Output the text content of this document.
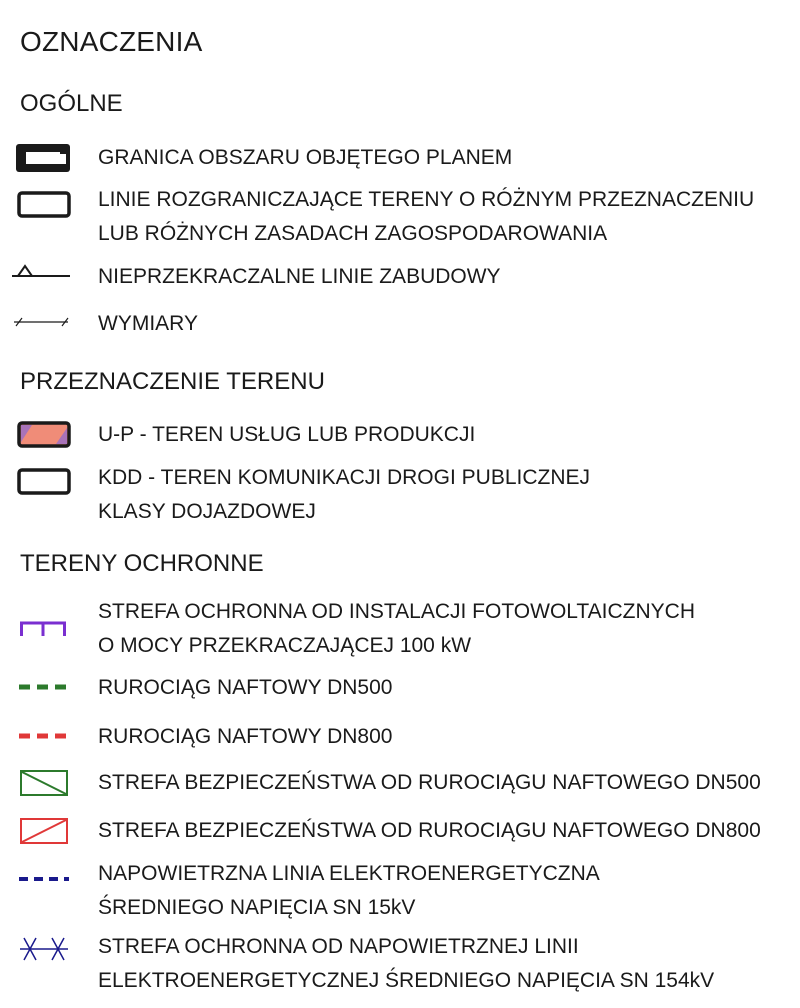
OZNACZENIA
OGÓLNE
GRANICA OBSZARU OBJĘTEGO PLANEM
LINIE ROZGRANICZAJĄCE TERENY O RÓŻNYM PRZEZNACZENIU
LUB RÓŻNYCH ZASADACH ZAGOSPODAROWANIA
NIEPRZEKRACZALNE LINIE ZABUDOWY
WYMIARY
PRZEZNACZENIE TERENU
U-P - TEREN USŁUG LUB PRODUKCJI
KDD - TEREN KOMUNIKACJI DROGI PUBLICZNEJ
KLASY DOJAZDOWEJ
TERENY OCHRONNE
STREFA OCHRONNA OD INSTALACJI FOTOWOLTAICZNYCH
O MOCY PRZEKRACZAJĄCEJ 100 kW
RUROCIĄG NAFTOWY DN500
RUROCIĄG NAFTOWY DN800
STREFA BEZPIECZEŃSTWA OD RUROCIĄGU NAFTOWEGO DN500
STREFA BEZPIECZEŃSTWA OD RUROCIĄGU NAFTOWEGO DN800
NAPOWIETRZNA LINIA ELEKTROENERGETYCZNA
ŚREDNIEGO NAPIĘCIA SN 15kV
STREFA OCHRONNA OD NAPOWIETRZNEJ LINII
ELEKTROENERGETYCZNEJ ŚREDNIEGO NAPIĘCIA SN 154kV
